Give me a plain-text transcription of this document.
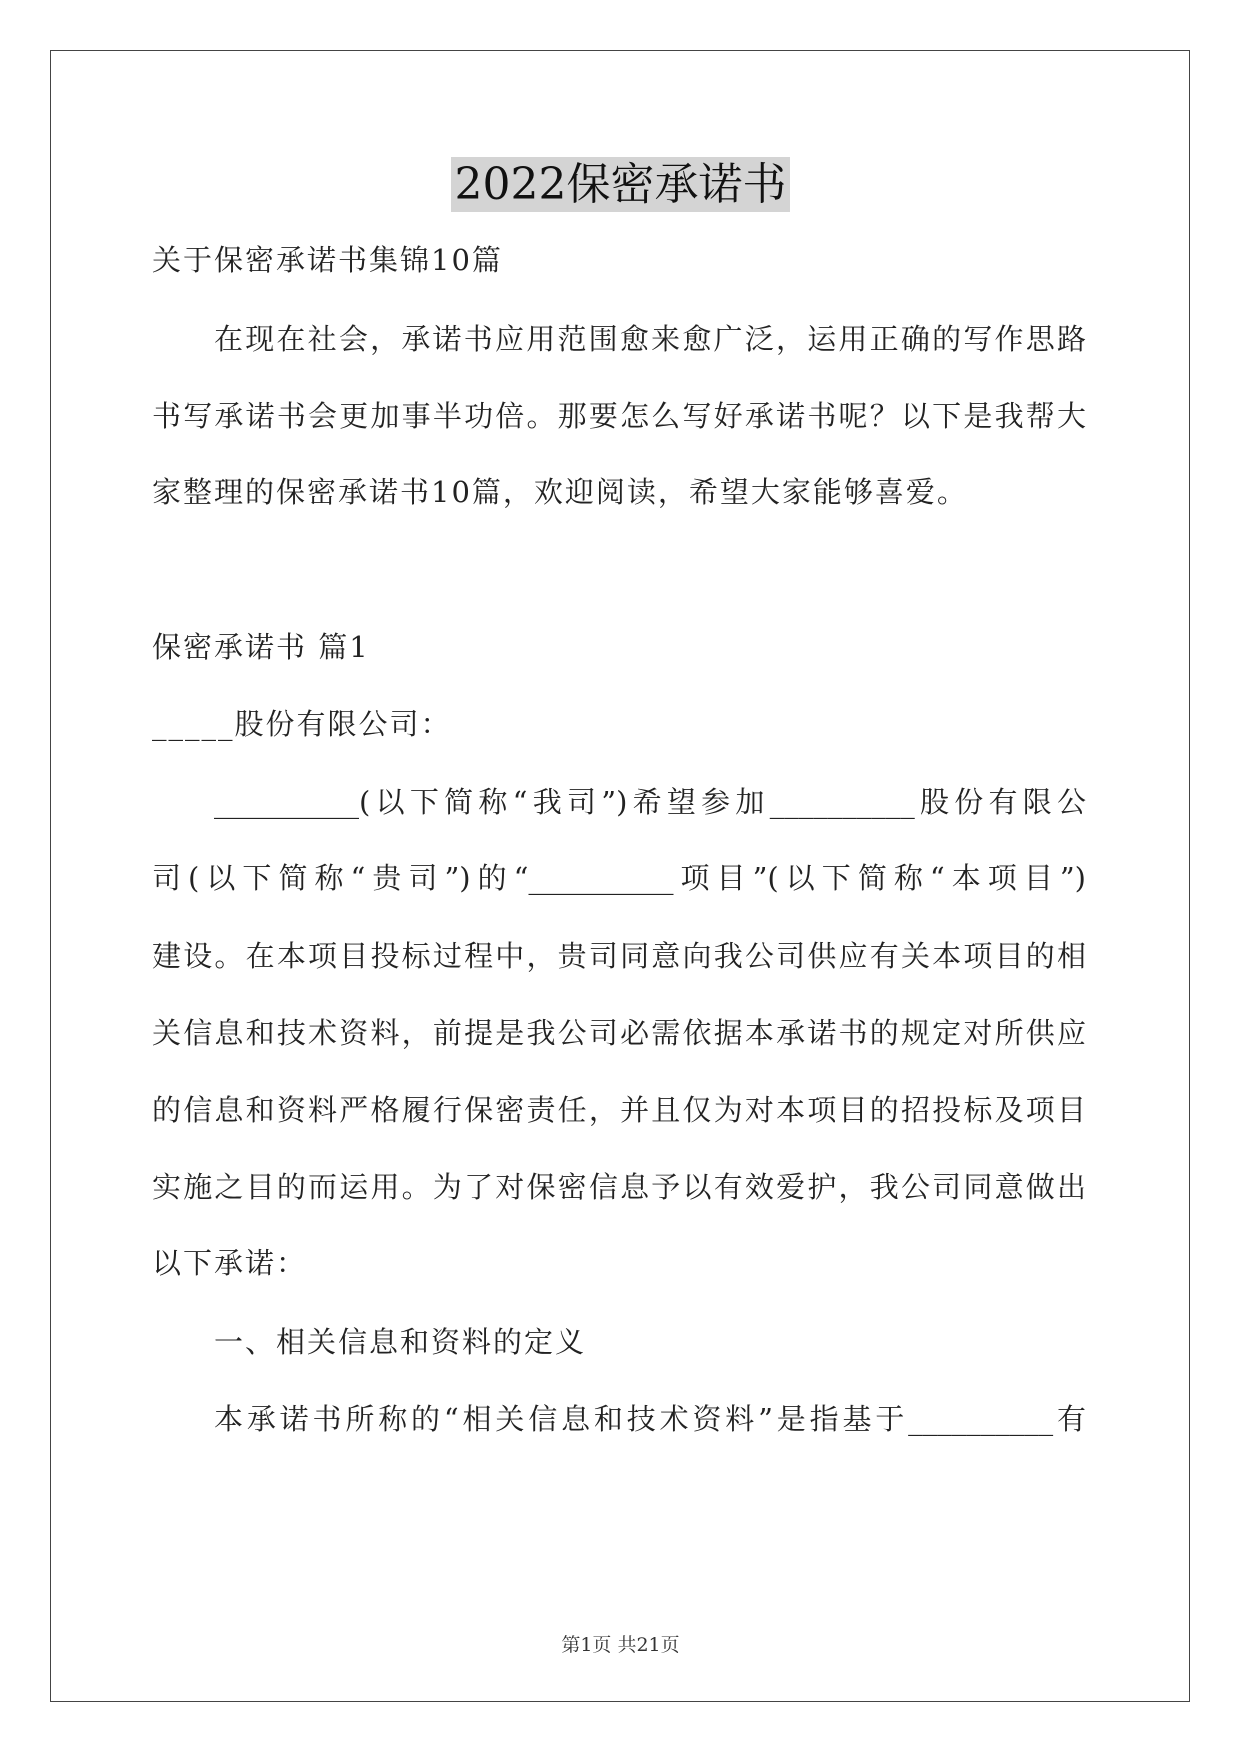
2022保密承诺书
关于保密承诺书集锦10篇
在现在社会，承诺书应用范围愈来愈广泛，运用正确的写作思路
书写承诺书会更加事半功倍。那要怎么写好承诺书呢？以下是我帮大
家整理的保密承诺书10篇，欢迎阅读，希望大家能够喜爱。
保密承诺书 篇1
_____股份有限公司：
__________(以下简称“我司”)希望参加__________股份有限公
司(以下简称“贵司”)的“__________项目”(以下简称“本项目”)
建设。在本项目投标过程中，贵司同意向我公司供应有关本项目的相
关信息和技术资料，前提是我公司必需依据本承诺书的规定对所供应
的信息和资料严格履行保密责任，并且仅为对本项目的招投标及项目
实施之目的而运用。为了对保密信息予以有效爱护，我公司同意做出
以下承诺：
一、相关信息和资料的定义
本承诺书所称的“相关信息和技术资料”是指基于__________有
第1页 共21页
